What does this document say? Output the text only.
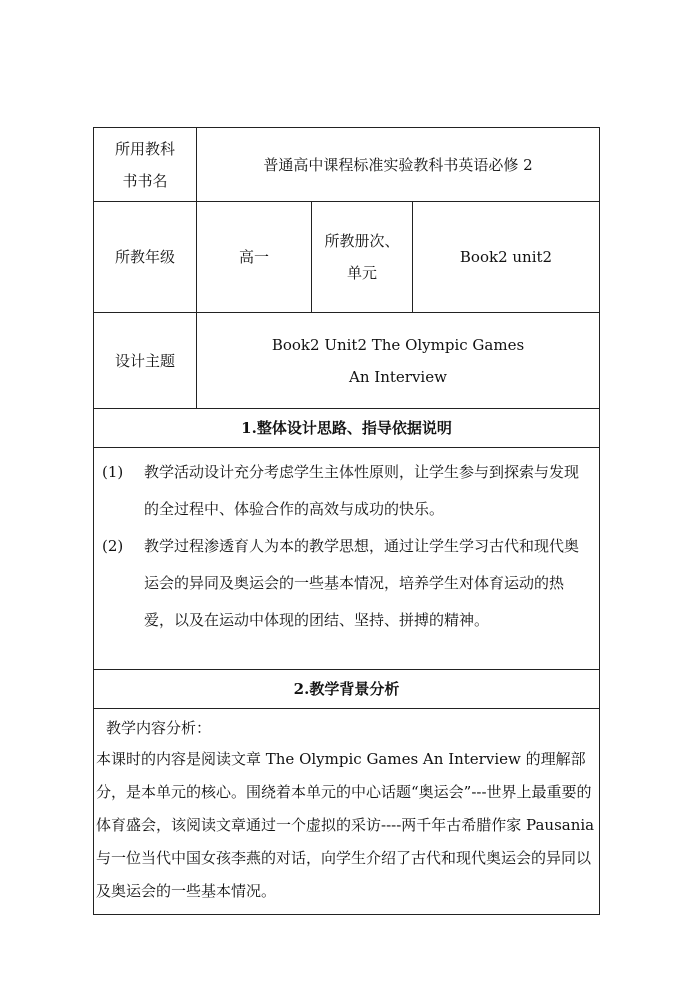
所用教科书书名	普通高中课程标准实验教科书英语必修 2		
所教年级	高一	所教册次、单元	Book2 unit2
设计主题	Book2 Unit2 The Olympic Games
An Interview		

1.整体设计思路、指导依据说明			

(1) 教学活动设计充分考虑学生主体性原则，让学生参与到探索与发现的全过程中、体验合作的高效与成功的快乐。
(2) 教学过程渗透育人为本的教学思想，通过让学生学习古代和现代奥运会的异同及奥运会的一些基本情况，培养学生对体育运动的热爱，以及在运动中体现的团结、坚持、拼搏的精神。			

2.教学背景分析			

教学内容分析：
本课时的内容是阅读文章 The Olympic Games An Interview 的理解部分，是本单元的核心。围绕着本单元的中心话题“奥运会”---世界上最重要的体育盛会，该阅读文章通过一个虚拟的采访----两千年古希腊作家 Pausania 与一位当代中国女孩李燕的对话，向学生介绍了古代和现代奥运会的异同以及奥运会的一些基本情况。			
